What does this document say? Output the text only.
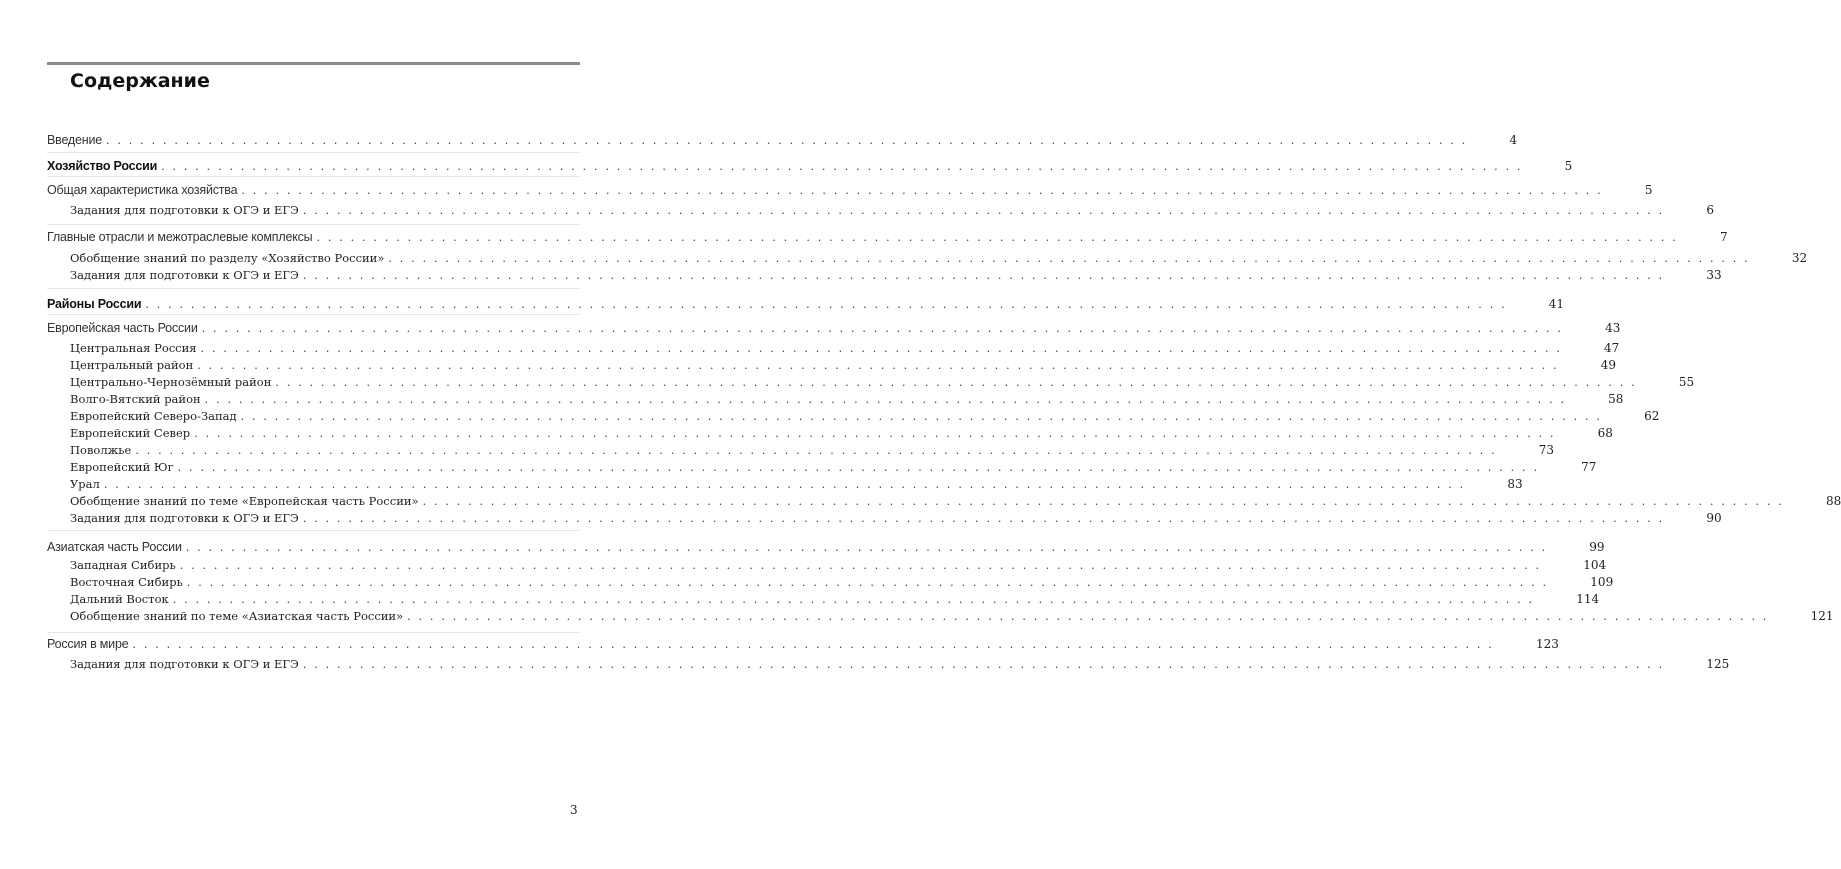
Содержание
Введение . . . . . . . . . . . . . . . . . . . . . . . . . . . . . . . . . . . . . . . . . . . . . . . . . . . . . . . . . . . . . . . . . . . . . . . . . . . . . . . . . . . . . . . . . . . . . . . . . . . . . . . . . . . . . . . . . . . . . . . .	4
Хозяйство России . . . . . . . . . . . . . . . . . . . . . . . . . . . . . . . . . . . . . . . . . . . . . . . . . . . . . . . . . . . . . . . . . . . . . . . . . . . . . . . . . . . . . . . . . . . . . . . . . . . . . . . . . . . . . . . . . . . . . . . .	5
Общая характеристика хозяйства . . . . . . . . . . . . . . . . . . . . . . . . . . . . . . . . . . . . . . . . . . . . . . . . . . . . . . . . . . . . . . . . . . . . . . . . . . . . . . . . . . . . . . . . . . . . . . . . . . . . . . . . . . . . . . . . . . . . . . . .	5
Задания для подготовки к ОГЭ и ЕГЭ . . . . . . . . . . . . . . . . . . . . . . . . . . . . . . . . . . . . . . . . . . . . . . . . . . . . . . . . . . . . . . . . . . . . . . . . . . . . . . . . . . . . . . . . . . . . . . . . . . . . . . . . . . . . . . . . . . . . . . . .	6
Главные отрасли и межотраслевые комплексы . . . . . . . . . . . . . . . . . . . . . . . . . . . . . . . . . . . . . . . . . . . . . . . . . . . . . . . . . . . . . . . . . . . . . . . . . . . . . . . . . . . . . . . . . . . . . . . . . . . . . . . . . . . . . . . . . . . . . . . .	7
Обобщение знаний по разделу «Хозяйство России» . . . . . . . . . . . . . . . . . . . . . . . . . . . . . . . . . . . . . . . . . . . . . . . . . . . . . . . . . . . . . . . . . . . . . . . . . . . . . . . . . . . . . . . . . . . . . . . . . . . . . . . . . . . . . . . . . . . . . . . .	32
Задания для подготовки к ОГЭ и ЕГЭ . . . . . . . . . . . . . . . . . . . . . . . . . . . . . . . . . . . . . . . . . . . . . . . . . . . . . . . . . . . . . . . . . . . . . . . . . . . . . . . . . . . . . . . . . . . . . . . . . . . . . . . . . . . . . . . . . . . . . . . .	33
Районы России . . . . . . . . . . . . . . . . . . . . . . . . . . . . . . . . . . . . . . . . . . . . . . . . . . . . . . . . . . . . . . . . . . . . . . . . . . . . . . . . . . . . . . . . . . . . . . . . . . . . . . . . . . . . . . . . . . . . . . . .	41
Европейская часть России . . . . . . . . . . . . . . . . . . . . . . . . . . . . . . . . . . . . . . . . . . . . . . . . . . . . . . . . . . . . . . . . . . . . . . . . . . . . . . . . . . . . . . . . . . . . . . . . . . . . . . . . . . . . . . . . . . . . . . . .	43
Центральная Россия . . . . . . . . . . . . . . . . . . . . . . . . . . . . . . . . . . . . . . . . . . . . . . . . . . . . . . . . . . . . . . . . . . . . . . . . . . . . . . . . . . . . . . . . . . . . . . . . . . . . . . . . . . . . . . . . . . . . . . . .	47
Центральный район . . . . . . . . . . . . . . . . . . . . . . . . . . . . . . . . . . . . . . . . . . . . . . . . . . . . . . . . . . . . . . . . . . . . . . . . . . . . . . . . . . . . . . . . . . . . . . . . . . . . . . . . . . . . . . . . . . . . . . . .	49
Центрально-Чернозёмный район . . . . . . . . . . . . . . . . . . . . . . . . . . . . . . . . . . . . . . . . . . . . . . . . . . . . . . . . . . . . . . . . . . . . . . . . . . . . . . . . . . . . . . . . . . . . . . . . . . . . . . . . . . . . . . . . . . . . . . . .	55
Волго-Вятский район . . . . . . . . . . . . . . . . . . . . . . . . . . . . . . . . . . . . . . . . . . . . . . . . . . . . . . . . . . . . . . . . . . . . . . . . . . . . . . . . . . . . . . . . . . . . . . . . . . . . . . . . . . . . . . . . . . . . . . . .	58
Европейский Северо-Запад . . . . . . . . . . . . . . . . . . . . . . . . . . . . . . . . . . . . . . . . . . . . . . . . . . . . . . . . . . . . . . . . . . . . . . . . . . . . . . . . . . . . . . . . . . . . . . . . . . . . . . . . . . . . . . . . . . . . . . . .	62
Европейский Север . . . . . . . . . . . . . . . . . . . . . . . . . . . . . . . . . . . . . . . . . . . . . . . . . . . . . . . . . . . . . . . . . . . . . . . . . . . . . . . . . . . . . . . . . . . . . . . . . . . . . . . . . . . . . . . . . . . . . . . .	68
Поволжье . . . . . . . . . . . . . . . . . . . . . . . . . . . . . . . . . . . . . . . . . . . . . . . . . . . . . . . . . . . . . . . . . . . . . . . . . . . . . . . . . . . . . . . . . . . . . . . . . . . . . . . . . . . . . . . . . . . . . . . .	73
Европейский Юг . . . . . . . . . . . . . . . . . . . . . . . . . . . . . . . . . . . . . . . . . . . . . . . . . . . . . . . . . . . . . . . . . . . . . . . . . . . . . . . . . . . . . . . . . . . . . . . . . . . . . . . . . . . . . . . . . . . . . . . .	77
Урал . . . . . . . . . . . . . . . . . . . . . . . . . . . . . . . . . . . . . . . . . . . . . . . . . . . . . . . . . . . . . . . . . . . . . . . . . . . . . . . . . . . . . . . . . . . . . . . . . . . . . . . . . . . . . . . . . . . . . . . .	83
Обобщение знаний по теме «Европейская часть России» . . . . . . . . . . . . . . . . . . . . . . . . . . . . . . . . . . . . . . . . . . . . . . . . . . . . . . . . . . . . . . . . . . . . . . . . . . . . . . . . . . . . . . . . . . . . . . . . . . . . . . . . . . . . . . . . . . . . . . . .	88
Задания для подготовки к ОГЭ и ЕГЭ . . . . . . . . . . . . . . . . . . . . . . . . . . . . . . . . . . . . . . . . . . . . . . . . . . . . . . . . . . . . . . . . . . . . . . . . . . . . . . . . . . . . . . . . . . . . . . . . . . . . . . . . . . . . . . . . . . . . . . . .	90
Азиатская часть России . . . . . . . . . . . . . . . . . . . . . . . . . . . . . . . . . . . . . . . . . . . . . . . . . . . . . . . . . . . . . . . . . . . . . . . . . . . . . . . . . . . . . . . . . . . . . . . . . . . . . . . . . . . . . . . . . . . . . . . .	99
Западная Сибирь . . . . . . . . . . . . . . . . . . . . . . . . . . . . . . . . . . . . . . . . . . . . . . . . . . . . . . . . . . . . . . . . . . . . . . . . . . . . . . . . . . . . . . . . . . . . . . . . . . . . . . . . . . . . . . . . . . . . . . . .	104
Восточная Сибирь . . . . . . . . . . . . . . . . . . . . . . . . . . . . . . . . . . . . . . . . . . . . . . . . . . . . . . . . . . . . . . . . . . . . . . . . . . . . . . . . . . . . . . . . . . . . . . . . . . . . . . . . . . . . . . . . . . . . . . . .	109
Дальний Восток . . . . . . . . . . . . . . . . . . . . . . . . . . . . . . . . . . . . . . . . . . . . . . . . . . . . . . . . . . . . . . . . . . . . . . . . . . . . . . . . . . . . . . . . . . . . . . . . . . . . . . . . . . . . . . . . . . . . . . . .	114
Обобщение знаний по теме «Азиатская часть России» . . . . . . . . . . . . . . . . . . . . . . . . . . . . . . . . . . . . . . . . . . . . . . . . . . . . . . . . . . . . . . . . . . . . . . . . . . . . . . . . . . . . . . . . . . . . . . . . . . . . . . . . . . . . . . . . . . . . . . . .	121
Россия в мире . . . . . . . . . . . . . . . . . . . . . . . . . . . . . . . . . . . . . . . . . . . . . . . . . . . . . . . . . . . . . . . . . . . . . . . . . . . . . . . . . . . . . . . . . . . . . . . . . . . . . . . . . . . . . . . . . . . . . . . .	123
Задания для подготовки к ОГЭ и ЕГЭ . . . . . . . . . . . . . . . . . . . . . . . . . . . . . . . . . . . . . . . . . . . . . . . . . . . . . . . . . . . . . . . . . . . . . . . . . . . . . . . . . . . . . . . . . . . . . . . . . . . . . . . . . . . . . . . . . . . . . . . .	125
3
